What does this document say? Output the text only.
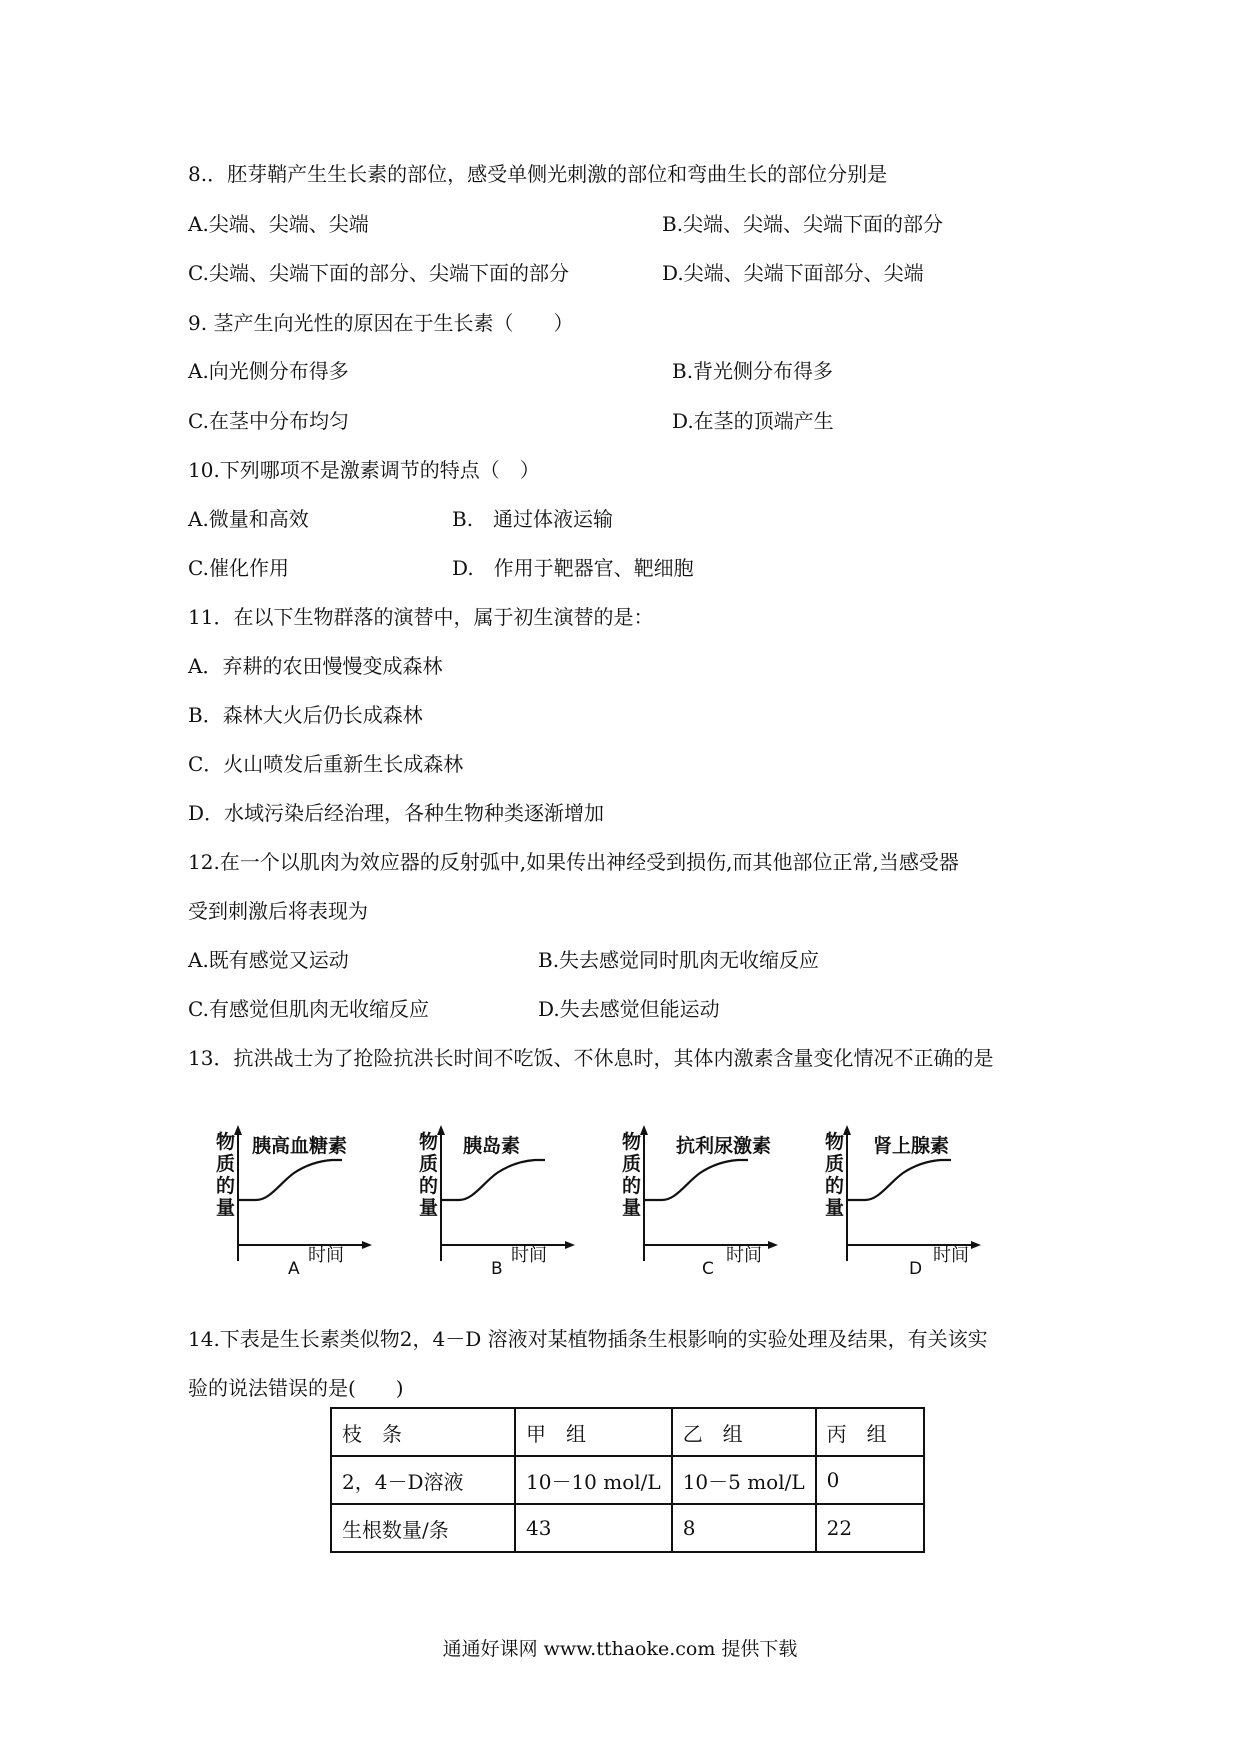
8.．胚芽鞘产生生长素的部位，感受单侧光刺激的部位和弯曲生长的部位分别是
A.尖端、尖端、尖端	B.尖端、尖端、尖端下面的部分
C.尖端、尖端下面的部分、尖端下面的部分	D.尖端、尖端下面部分、尖端
9. 茎产生向光性的原因在于生长素（　　）
A.向光侧分布得多	B.背光侧分布得多
C.在茎中分布均匀	D.在茎的顶端产生
10.下列哪项不是激素调节的特点（　）
A.微量和高效	B.　通过体液运输
C.催化作用	D.　作用于靶器官、靶细胞
11．在以下生物群落的演替中，属于初生演替的是：
A．弃耕的农田慢慢变成森林
B．森林大火后仍长成森林
C．火山喷发后重新生长成森林
D．水域污染后经治理，各种生物种类逐渐增加
12.在一个以肌肉为效应器的反射弧中,如果传出神经受到损伤,而其他部位正常,当感受器
受到刺激后将表现为
A.既有感觉又运动	B.失去感觉同时肌肉无收缩反应
C.有感觉但肌肉无收缩反应	D.失去感觉但能运动
13．抗洪战士为了抢险抗洪长时间不吃饭、不休息时，其体内激素含量变化情况不正确的是
胰高血糖素
物质的量
时间
A
胰岛素
物质的量
时间
B
抗利尿激素
物质的量
时间
C
肾上腺素
物质的量
时间
D
14.下表是生长素类似物2，4－D 溶液对某植物插条生根影响的实验处理及结果，有关该实
验的说法错误的是(　　)
枝　条	甲　组	乙　组	丙　组
2，4－D溶液	10－10 mol/L	10－5 mol/L	0
生根数量/条	43	8	22
通通好课网 www.tthaoke.com 提供下载
